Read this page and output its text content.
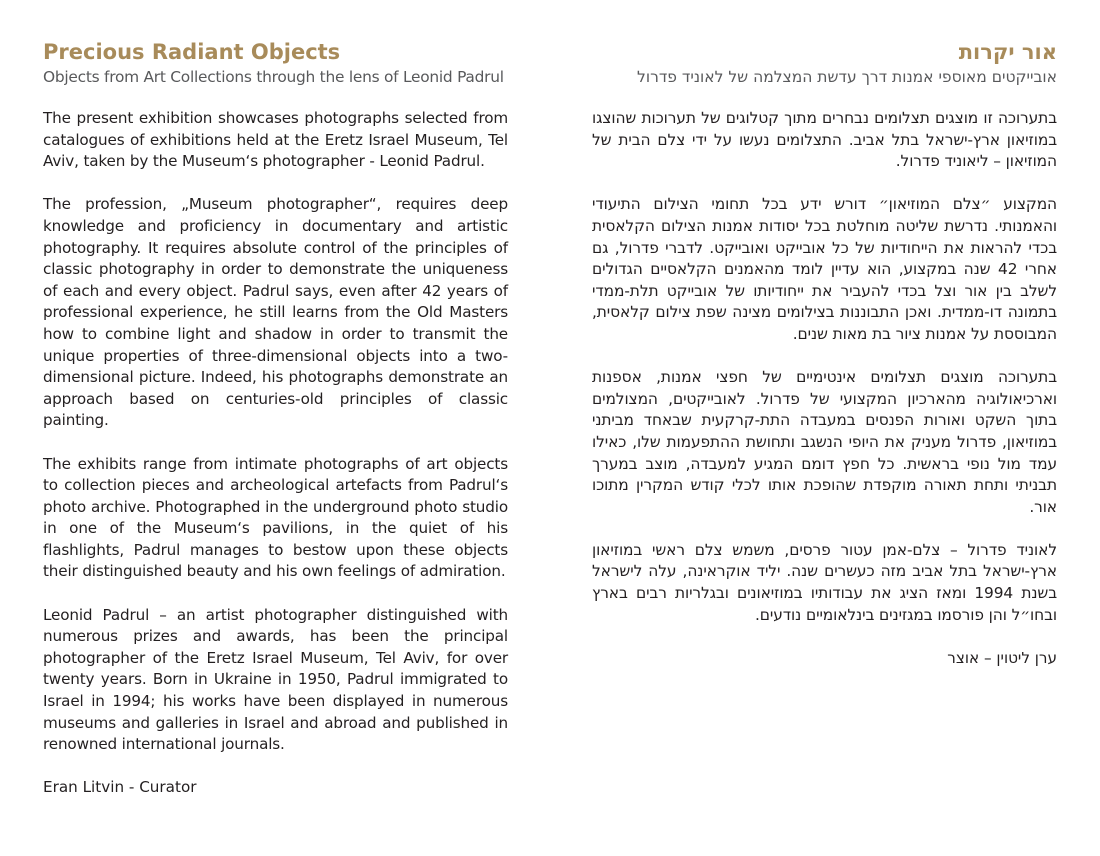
Precious Radiant Objects

Objects from Art Collections through the lens of Leonid Padrul

The present exhibition showcases photographs selected from catalogues of exhibitions held at the Eretz Israel Museum, Tel Aviv, taken by the Museum‘s photographer - Leonid Padrul.

The profession, „Museum photographer“, requires deep knowledge and proficiency in documentary and artistic photography. It requires absolute control of the principles of classic photography in order to demonstrate the uniqueness of each and every object. Padrul says, even after 42 years of professional experience, he still learns from the Old Masters how to combine light and shadow in order to transmit the unique properties of three-dimensional objects into a two-dimensional picture. Indeed, his photographs demonstrate an approach based on centuries-old principles of classic painting.

The exhibits range from intimate photographs of art objects to collection pieces and archeological artefacts from Padrul‘s photo archive. Photographed in the underground photo studio in one of the Museum‘s pavilions, in the quiet of his flashlights, Padrul manages to bestow upon these objects their distinguished beauty and his own feelings of admiration.

Leonid Padrul – an artist photographer distinguished with numerous prizes and awards, has been the principal photographer of the Eretz Israel Museum, Tel Aviv, for over twenty years. Born in Ukraine in 1950, Padrul immigrated to Israel in 1994; his works have been displayed in numerous museums and galleries in Israel and abroad and published in renowned international journals.

Eran Litvin - Curator

אור יקרות

אובייקטים מאוספי אמנות דרך עדשת המצלמה של לאוניד פדרול

בתערוכה זו מוצגים תצלומים נבחרים מתוך קטלוגים של תערוכות שהוצגו במוזיאון ארץ-ישראל בתל אביב. התצלומים נעשו על ידי צלם הבית של המוזיאון – ליאוניד פדרול.

המקצוע ״צלם המוזיאון״ דורש ידע בכל תחומי הצילום התיעודי והאמנותי. נדרשת שליטה מוחלטת בכל יסודות אמנות הצילום הקלאסית בכדי להראות את הייחודיות של כל אובייקט ואובייקט. לדברי פדרול, גם אחרי 42 שנה במקצוע, הוא עדיין לומד מהאמנים הקלאסיים הגדולים לשלב בין אור וצל בכדי להעביר את ייחודיותו של אובייקט תלת-ממדי בתמונה דו-ממדית. ואכן התבוננות בצילומים מצינה שפת צילום קלאסית, המבוססת על אמנות ציור בת מאות שנים.

בתערוכה מוצגים תצלומים אינטימיים של חפצי אמנות, אספנות וארכיאולוגיה מהארכיון המקצועי של פדרול. לאובייקטים, המצולמים בתוך השקט ואורות הפנסים במעבדה התת-קרקעית שבאחד מביתני במוזיאון, פדרול מעניק את היופי הנשגב ותחושת ההתפעמות שלו, כאילו עמד מול נופי בראשית. כל חפץ דומם המגיע למעבדה, מוצב במערך תבניתי ותחת תאורה מוקפדת שהופכת אותו לכלי קודש המקרין מתוכו אור.

לאוניד פדרול – צלם-אמן עטור פרסים, משמש צלם ראשי במוזיאון ארץ-ישראל בתל אביב מזה כעשרים שנה. יליד אוקראינה, עלה לישראל בשנת 1994 ומאז הציג את עבודותיו במוזיאונים ובגלריות רבים בארץ ובחו״ל והן פורסמו במגזינים בינלאומיים נודעים.

ערן ליטוין – אוצר
